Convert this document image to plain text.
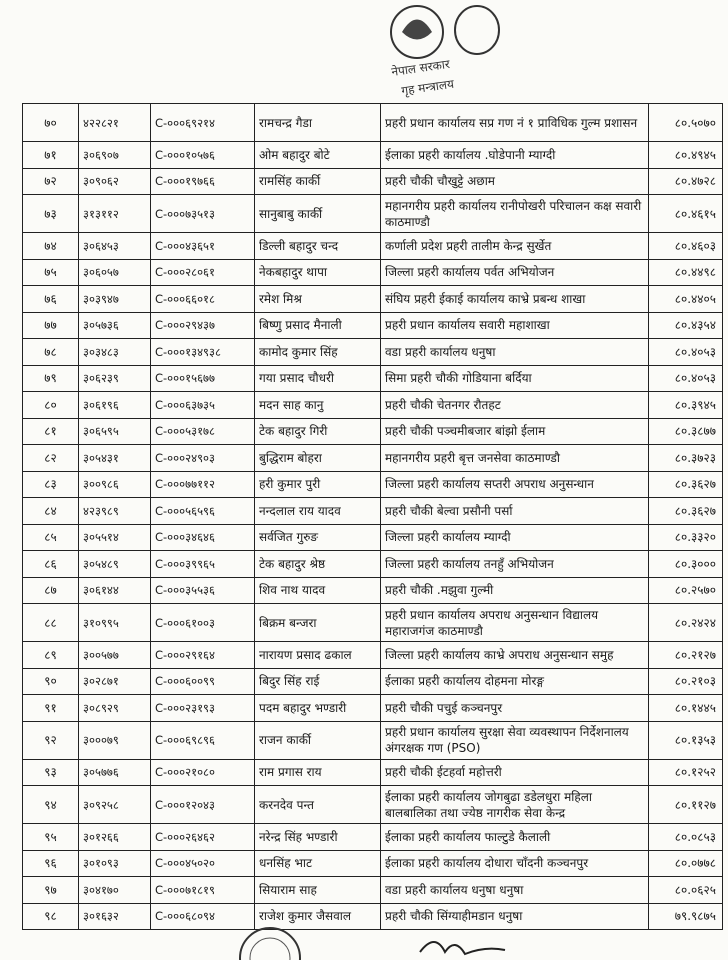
नेपाल सरकार
गृह मन्त्रालय
७०	४२२८२१	C-०००६९२१४	रामचन्द्र गैडा	प्रहरी प्रधान कार्यालय सप्र गण नं १ प्राविधिक गुल्म प्रशासन	८०.५०७०
७१	३०६९०७	C-०००१०५७६	ओम बहादुर बोटे	ईलाका प्रहरी कार्यालय .घोडेपानी म्याग्दी	८०.४९४५
७२	३०९०६२	C-०००१९७६६	रामसिंह कार्की	प्रहरी चौकी चौखुट्टे अछाम	८०.४७२८
७३	३१३११२	C-०००७३५१३	सानुबाबु कार्की	महानगरीय प्रहरी कार्यालय रानीपोखरी परिचालन कक्ष सवारी काठमाण्डौ	८०.४६१५
७४	३०६४५३	C-०००४३६५१	डिल्ली बहादुर चन्द	कर्णाली प्रदेश प्रहरी तालीम केन्द्र सुर्खेत	८०.४६०३
७५	३०६०५७	C-०००२८०६१	नेकबहादुर थापा	जिल्ला प्रहरी कार्यालय पर्वत अभियोजन	८०.४४९८
७६	३०३९४७	C-०००६६०१८	रमेश मिश्र	संघिय प्रहरी ईकाई कार्यालय काभ्रे प्रबन्ध शाखा	८०.४४०५
७७	३०५७३६	C-०००२९४३७	बिष्णु प्रसाद मैनाली	प्रहरी प्रधान कार्यालय सवारी महाशाखा	८०.४३५४
७८	३०३४८३	C-०००१३४९३८	कामोद कुमार सिंह	वडा प्रहरी कार्यालय धनुषा	८०.४०५३
७९	३०६२३९	C-०००१५६७७	गया प्रसाद चौधरी	सिमा प्रहरी चौकी गोडियाना बर्दिया	८०.४०५३
८०	३०६१९६	C-०००६३७३५	मदन साह कानु	प्रहरी चौकी चेतनगर रौतहट	८०.३९४५
८१	३०६५९५	C-०००५३१७८	टेक बहादुर गिरी	प्रहरी चौकी पञ्चमीबजार बांझो ईलाम	८०.३८७७
८२	३०५४३१	C-०००२४९०३	बुद्धिराम बोहरा	महानगरीय प्रहरी बृत्त जनसेवा काठमाण्डौ	८०.३७२३
८३	३००९८६	C-०००७७११२	हरी कुमार पुरी	जिल्ला प्रहरी कार्यालय सप्तरी अपराध अनुसन्धान	८०.३६२७
८४	४२३९८९	C-०००५६५९६	नन्दलाल राय यादव	प्रहरी चौकी बेल्वा प्रसौनी पर्सा	८०.३६२७
८५	३०५५१४	C-०००३४६४६	सर्वजित गुरुङ	जिल्ला प्रहरी कार्यालय म्याग्दी	८०.३३२०
८६	३०५४८९	C-०००३९९६५	टेक बहादुर श्रेष्ठ	जिल्ला प्रहरी कार्यालय तनहुँ अभियोजन	८०.३०००
८७	३०६१४४	C-०००३५५३६	शिव नाथ यादव	प्रहरी चौकी .मझुवा गुल्मी	८०.२५७०
८८	३१०९९५	C-०००६१००३	बिक्रम बन्जरा	प्रहरी प्रधान कार्यालय अपराध अनुसन्धान विद्यालय महाराजगंज काठमाण्डौ	८०.२४२४
८९	३००५७७	C-०००२९१६४	नारायण प्रसाद ढकाल	जिल्ला प्रहरी कार्यालय काभ्रे अपराध अनुसन्धान समुह	८०.२१२७
९०	३०२८७१	C-०००६००९९	बिदुर सिंह राई	ईलाका प्रहरी कार्यालय दोहमना मोरङ्ग	८०.२१०३
९१	३०८९२९	C-०००२३१९३	पदम बहादुर भण्डारी	प्रहरी चौकी पचुई कञ्चनपुर	८०.१४४५
९२	३०००७९	C-०००६९८९६	राजन कार्की	प्रहरी प्रधान कार्यालय सुरक्षा सेवा व्यवस्थापन निर्देशनालय अंगरक्षक गण (PSO)	८०.१३५३
९३	३०५७७६	C-०००२१०८०	राम प्रगास राय	प्रहरी चौकी ईटहर्वा महोत्तरी	८०.१२५२
९४	३०९२५८	C-०००१२०४३	करनदेव पन्त	ईलाका प्रहरी कार्यालय जोगबुढा डडेलधुरा महिला बालबालिका तथा ज्येष्ठ नागरीक सेवा केन्द्र	८०.११२७
९५	३०१२६६	C-०००२६४६२	नरेन्द्र सिंह भण्डारी	ईलाका प्रहरी कार्यालय फाल्टुडे कैलाली	८०.०८५३
९६	३०१०९३	C-०००४५०२०	धनसिंह भाट	ईलाका प्रहरी कार्यालय दोधारा चाँदनी कञ्चनपुर	८०.०७७८
९७	३०४१७०	C-०००७१८१९	सियाराम साह	वडा प्रहरी कार्यालय धनुषा धनुषा	८०.०६२५
९८	३०१६३२	C-०००६८०९४	राजेश कुमार जैसवाल	प्रहरी चौकी सिंग्याहीमडान धनुषा	७९.९८७५
